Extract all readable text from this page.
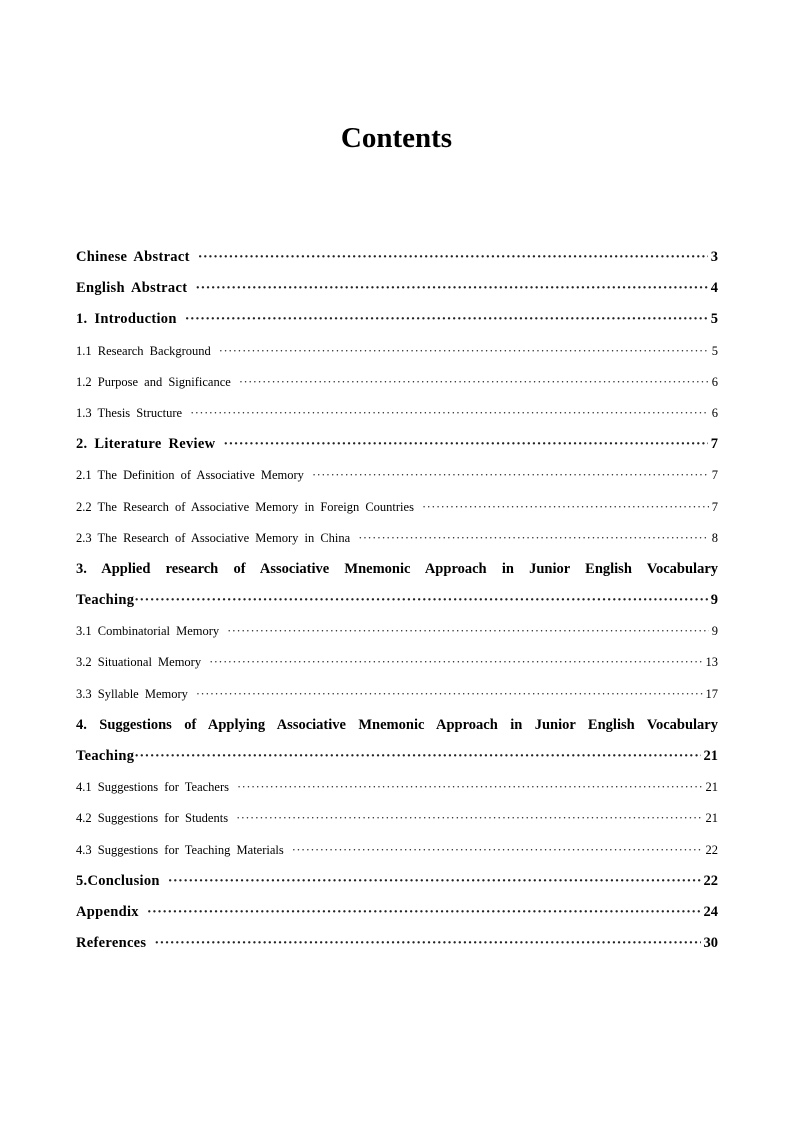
Contents
Chinese Abstract ·····	3
English Abstract ·····	4
1. Introduction ·····	5
1.1 Research Background ·····	5
1.2 Purpose and Significance ·····	6
1.3 Thesis Structure ·····	6
2. Literature Review ·····	7
2.1 The Definition of Associative Memory ·····	7
2.2 The Research of Associative Memory in Foreign Countries ·····	7
2.3 The Research of Associative Memory in China ·····	8
3. Applied research of Associative Mnemonic Approach in Junior English Vocabulary
Teaching ·····	9
3.1 Combinatorial Memory ·····	9
3.2 Situational Memory ·····	13
3.3 Syllable Memory ·····	17
4. Suggestions of Applying Associative Mnemonic Approach in Junior English Vocabulary
Teaching ·····	21
4.1 Suggestions for Teachers ·····	21
4.2 Suggestions for Students ·····	21
4.3 Suggestions for Teaching Materials ·····	22
5.Conclusion ·····	22
Appendix ·····	24
References ·····	30
